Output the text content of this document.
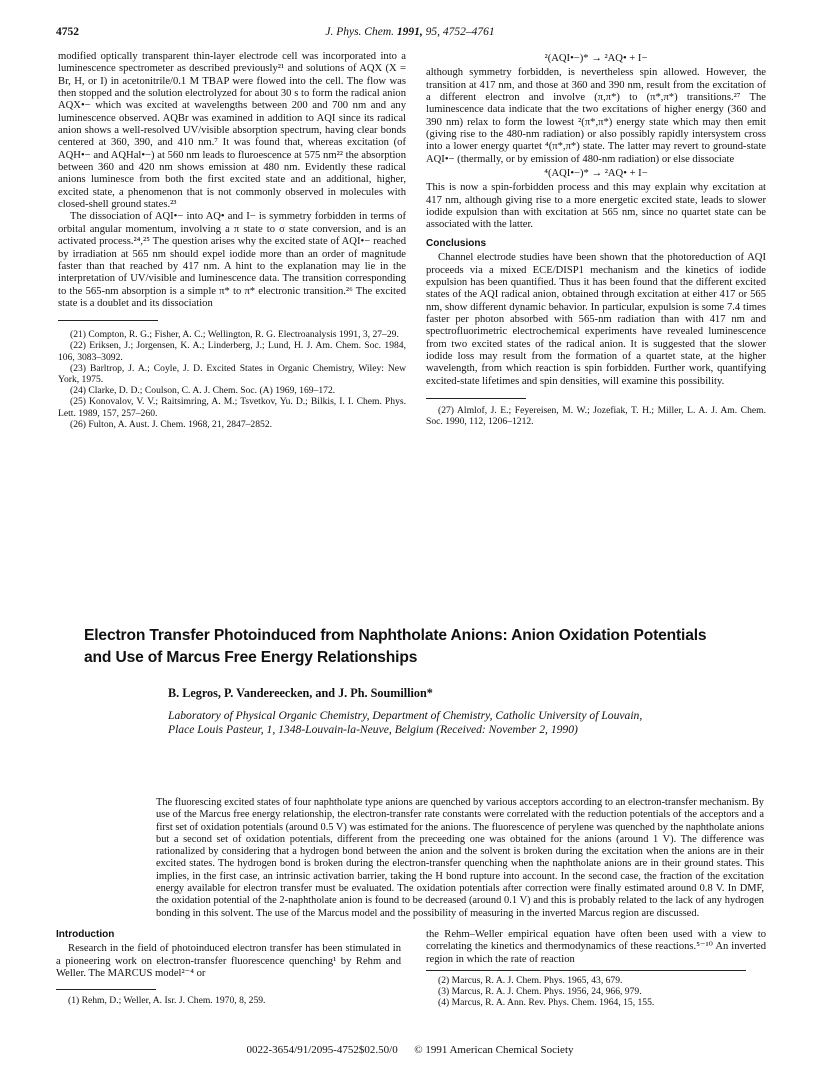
4752	J. Phys. Chem. 1991, 95, 4752–4761

modified optically transparent thin-layer electrode cell was incorporated into a luminescence spectrometer as described previously²¹ and solutions of AQX (X = Br, H, or I) in acetonitrile/0.1 M TBAP were flowed into the cell. The flow was then stopped and the solution electrolyzed for about 30 s to form the radical anion AQX•− which was excited at wavelengths between 200 and 700 nm and any luminescence observed. AQBr was examined in addition to AQI since its radical anion shows a well-resolved UV/visible absorption spectrum, having clear bonds centered at 360, 390, and 410 nm.⁷ It was found that, whereas excitation (of AQH•− and AQHal•−) at 560 nm leads to fluroescence at 575 nm²² the absorption between 360 and 420 nm shows emission at 480 nm. Evidently these radical anions luminesce from both the first excited state and an additional, higher, excited state, a phenomenon that is not commonly observed in molecules with closed-shell ground states.²³

The dissociation of AQI•− into AQ• and I− is symmetry forbidden in terms of orbital angular momentum, involving a π state to σ state conversion, and is an activated process.²⁴,²⁵ The question arises why the excited state of AQI•− reached by irradiation at 565 nm should expel iodide more than an order of magnitude faster than that reached by 417 nm. A hint to the explanation may lie in the interpretation of UV/visible and luminescence data. The transition corresponding to the 565-nm absorption is a simple π* to π* electronic transition.²⁶ The excited state is a doublet and its dissociation

(21) Compton, R. G.; Fisher, A. C.; Wellington, R. G. Electroanalysis 1991, 3, 27–29.

(22) Eriksen, J.; Jorgensen, K. A.; Linderberg, J.; Lund, H. J. Am. Chem. Soc. 1984, 106, 3083–3092.

(23) Barltrop, J. A.; Coyle, J. D. Excited States in Organic Chemistry, Wiley: New York, 1975.

(24) Clarke, D. D.; Coulson, C. A. J. Chem. Soc. (A) 1969, 169–172.

(25) Konovalov, V. V.; Raitsimring, A. M.; Tsvetkov, Yu. D.; Bilkis, I. I. Chem. Phys. Lett. 1989, 157, 257–260.

(26) Fulton, A. Aust. J. Chem. 1968, 21, 2847–2852.

²(AQI•−)* → ²AQ• + I−

although symmetry forbidden, is nevertheless spin allowed. However, the transition at 417 nm, and those at 360 and 390 nm, result from the excitation of a different electron and involve (π,π*) to (π*,π*) transitions.²⁷ The luminescence data indicate that the two excitations of higher energy (360 and 390 nm) relax to form the lowest ²(π*,π*) energy state which may then emit (giving rise to the 480-nm radiation) or also possibly rapidly intersystem cross into a lower energy quartet ⁴(π*,π*) state. The latter may revert to ground-state AQI•− (thermally, or by emission of 480-nm radiation) or else dissociate

⁴(AQI•−)* → ²AQ• + I−

This is now a spin-forbidden process and this may explain why excitation at 417 nm, although giving rise to a more energetic excited state, leads to slower iodide expulsion than with excitation at 565 nm, since no quartet state can be associated with the latter.

Conclusions

Channel electrode studies have been shown that the photoreduction of AQI proceeds via a mixed ECE/DISP1 mechanism and the kinetics of iodide expulsion has been quantified. Thus it has been found that the different excited states of the AQI radical anion, obtained through excitation at either 417 or 565 nm, show different dynamic behavior. In particular, expulsion is some 7.4 times faster per photon absorbed with 565-nm radiation than with 417 nm and spectrofluorimetric electrochemical experiments have revealed luminescence from two excited states of the radical anion. It is suggested that the slower iodide loss may result from the formation of a quartet state, at the higher wavelength, from which reaction is spin forbidden. Further work, quantifying excited-state lifetimes and spin densities, will examine this possibility.

(27) Almlof, J. E.; Feyereisen, M. W.; Jozefiak, T. H.; Miller, L. A. J. Am. Chem. Soc. 1990, 112, 1206–1212.

Electron Transfer Photoinduced from Naphtholate Anions: Anion Oxidation Potentials
and Use of Marcus Free Energy Relationships
B. Legros, P. Vandereecken, and J. Ph. Soumillion*
Laboratory of Physical Organic Chemistry, Department of Chemistry, Catholic University of Louvain,
Place Louis Pasteur, 1, 1348-Louvain-la-Neuve, Belgium (Received: November 2, 1990)
The fluorescing excited states of four naphtholate type anions are quenched by various acceptors according to an electron-transfer mechanism. By use of the Marcus free energy relationship, the electron-transfer rate constants were correlated with the reduction potentials of the acceptors and a first set of oxidation potentials (around 0.5 V) was estimated for the anions. The fluorescence of perylene was quenched by the naphtholate anions but a second set of oxidation potentials, different from the preceeding one was obtained for the anions (around 1 V). The difference was rationalized by considering that a hydrogen bond between the anion and the solvent is broken during the excitation when the anions are in their excited states. The hydrogen bond is broken during the electron-transfer quenching when the naphtholate anions are in their ground states. This implies, in the first case, an intrinsic activation barrier, taking the H bond rupture into account. In the second case, the fraction of the excitation energy available for electron transfer must be evaluated. The oxidation potentials after correction were finally estimated around 0.8 V. In DMF, the oxidation potential of the 2-naphtholate anion is found to be decreased (around 0.1 V) and this is probably related to the lack of any hydrogen bonding in this solvent. The use of the Marcus model and the possibility of measuring in the inverted Marcus region are discussed.
Introduction

Research in the field of photoinduced electron transfer has been stimulated in a pioneering work on electron-transfer fluorescence quenching¹ by Rehm and Weller. The MARCUS model²⁻⁴ or

(1) Rehm, D.; Weller, A. Isr. J. Chem. 1970, 8, 259.

the Rehm–Weller empirical equation have often been used with a view to correlating the kinetics and thermodynamics of these reactions.⁵⁻¹⁰ An inverted region in which the rate of reaction

(2) Marcus, R. A. J. Chem. Phys. 1965, 43, 679.

(3) Marcus, R. A. J. Chem. Phys. 1956, 24, 966, 979.

(4) Marcus, R. A. Ann. Rev. Phys. Chem. 1964, 15, 155.

0022-3654/91/2095-4752$02.50/0 © 1991 American Chemical Society
